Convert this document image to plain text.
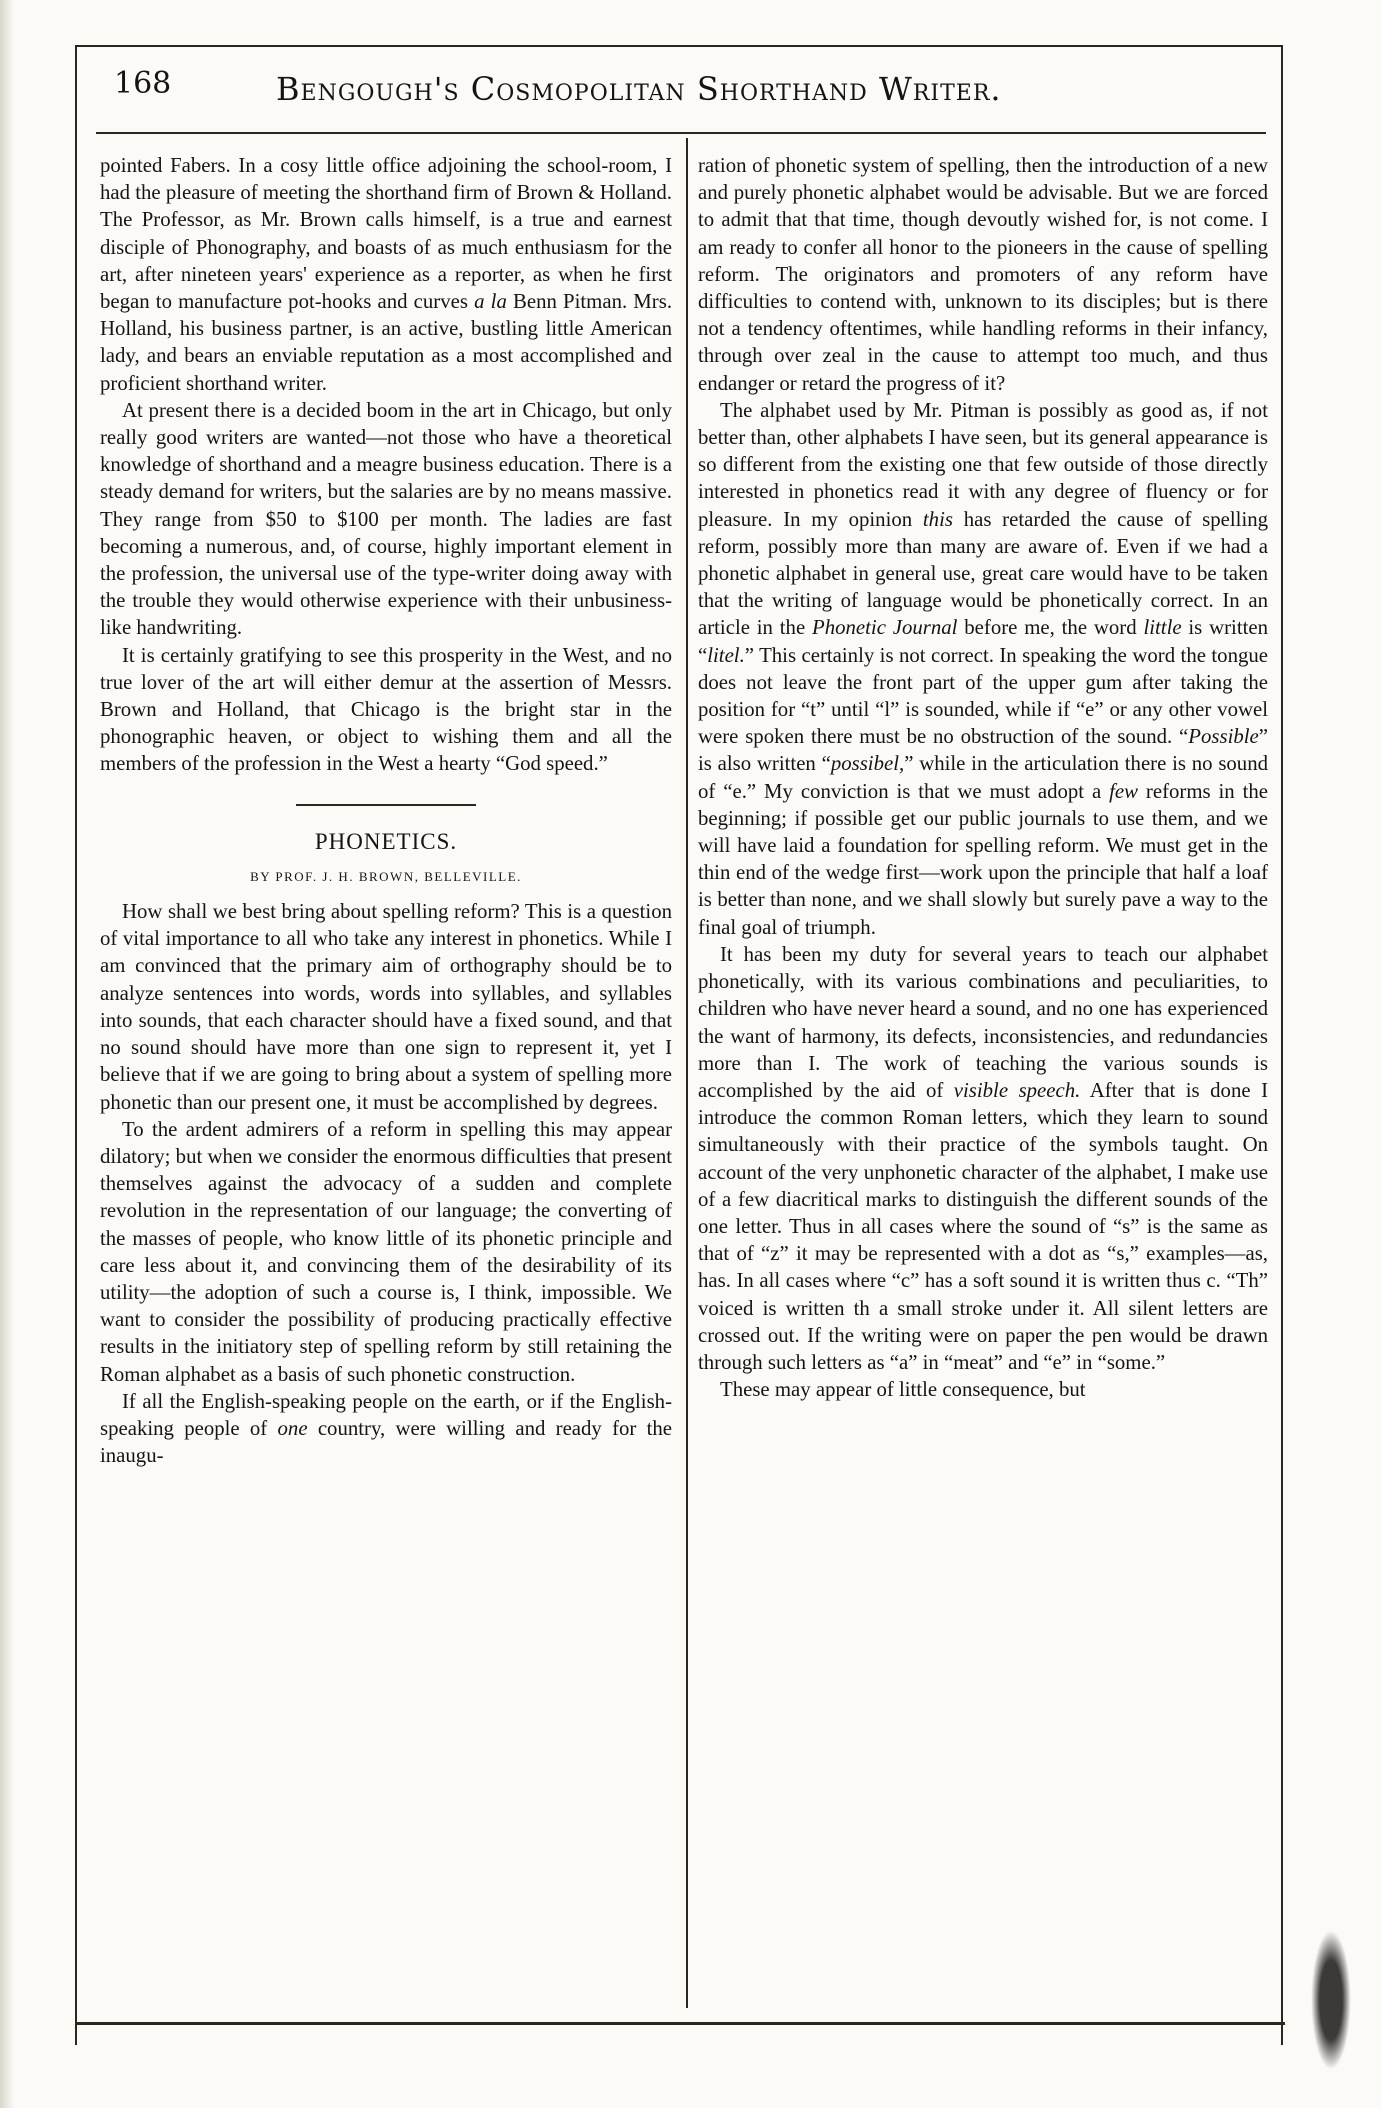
168	Bengough's Cosmopolitan Shorthand Writer.

pointed Fabers. In a cosy little office adjoining the school-room, I had the pleasure of meeting the shorthand firm of Brown & Holland. The Professor, as Mr. Brown calls himself, is a true and earnest disciple of Phonography, and boasts of as much enthusiasm for the art, after nineteen years' experience as a reporter, as when he first began to manufacture pot-hooks and curves a la Benn Pitman. Mrs. Holland, his business partner, is an active, bustling little American lady, and bears an enviable reputation as a most accomplished and proficient shorthand writer.

At present there is a decided boom in the art in Chicago, but only really good writers are wanted—not those who have a theoretical knowledge of shorthand and a meagre business education. There is a steady demand for writers, but the salaries are by no means massive. They range from $50 to $100 per month. The ladies are fast becoming a numerous, and, of course, highly important element in the profession, the universal use of the type-writer doing away with the trouble they would otherwise experience with their unbusiness-like handwriting.

It is certainly gratifying to see this prosperity in the West, and no true lover of the art will either demur at the assertion of Messrs. Brown and Holland, that Chicago is the bright star in the phonographic heaven, or object to wishing them and all the members of the profession in the West a hearty “God speed.”

PHONETICS.
BY PROF. J. H. BROWN, BELLEVILLE.

How shall we best bring about spelling reform? This is a question of vital importance to all who take any interest in phonetics. While I am convinced that the primary aim of orthography should be to analyze sentences into words, words into syllables, and syllables into sounds, that each character should have a fixed sound, and that no sound should have more than one sign to represent it, yet I believe that if we are going to bring about a system of spelling more phonetic than our present one, it must be accomplished by degrees.

To the ardent admirers of a reform in spelling this may appear dilatory; but when we consider the enormous difficulties that present themselves against the advocacy of a sudden and complete revolution in the representation of our language; the converting of the masses of people, who know little of its phonetic principle and care less about it, and convincing them of the desirability of its utility—the adoption of such a course is, I think, impossible. We want to consider the possibility of producing practically effective results in the initiatory step of spelling reform by still retaining the Roman alphabet as a basis of such phonetic construction.

If all the English-speaking people on the earth, or if the English-speaking people of one country, were willing and ready for the inaugu-

ration of phonetic system of spelling, then the introduction of a new and purely phonetic alphabet would be advisable. But we are forced to admit that that time, though devoutly wished for, is not come. I am ready to confer all honor to the pioneers in the cause of spelling reform. The originators and promoters of any reform have difficulties to contend with, unknown to its disciples; but is there not a tendency oftentimes, while handling reforms in their infancy, through over zeal in the cause to attempt too much, and thus endanger or retard the progress of it?

The alphabet used by Mr. Pitman is possibly as good as, if not better than, other alphabets I have seen, but its general appearance is so different from the existing one that few outside of those directly interested in phonetics read it with any degree of fluency or for pleasure. In my opinion this has retarded the cause of spelling reform, possibly more than many are aware of. Even if we had a phonetic alphabet in general use, great care would have to be taken that the writing of language would be phonetically correct. In an article in the Phonetic Journal before me, the word little is written “litel.” This certainly is not correct. In speaking the word the tongue does not leave the front part of the upper gum after taking the position for “t” until “l” is sounded, while if “e” or any other vowel were spoken there must be no obstruction of the sound. “Possible” is also written “possibel,” while in the articulation there is no sound of “e.” My conviction is that we must adopt a few reforms in the beginning; if possible get our public journals to use them, and we will have laid a foundation for spelling reform. We must get in the thin end of the wedge first—work upon the principle that half a loaf is better than none, and we shall slowly but surely pave a way to the final goal of triumph.

It has been my duty for several years to teach our alphabet phonetically, with its various combinations and peculiarities, to children who have never heard a sound, and no one has experienced the want of harmony, its defects, inconsistencies, and redundancies more than I. The work of teaching the various sounds is accomplished by the aid of visible speech. After that is done I introduce the common Roman letters, which they learn to sound simultaneously with their practice of the symbols taught. On account of the very unphonetic character of the alphabet, I make use of a few diacritical marks to distinguish the different sounds of the one letter. Thus in all cases where the sound of “s” is the same as that of “z” it may be represented with a dot as “s,” examples—as, has. In all cases where “c” has a soft sound it is written thus c. “Th” voiced is written th a small stroke under it. All silent letters are crossed out. If the writing were on paper the pen would be drawn through such letters as “a” in “meat” and “e” in “some.”

These may appear of little consequence, but
